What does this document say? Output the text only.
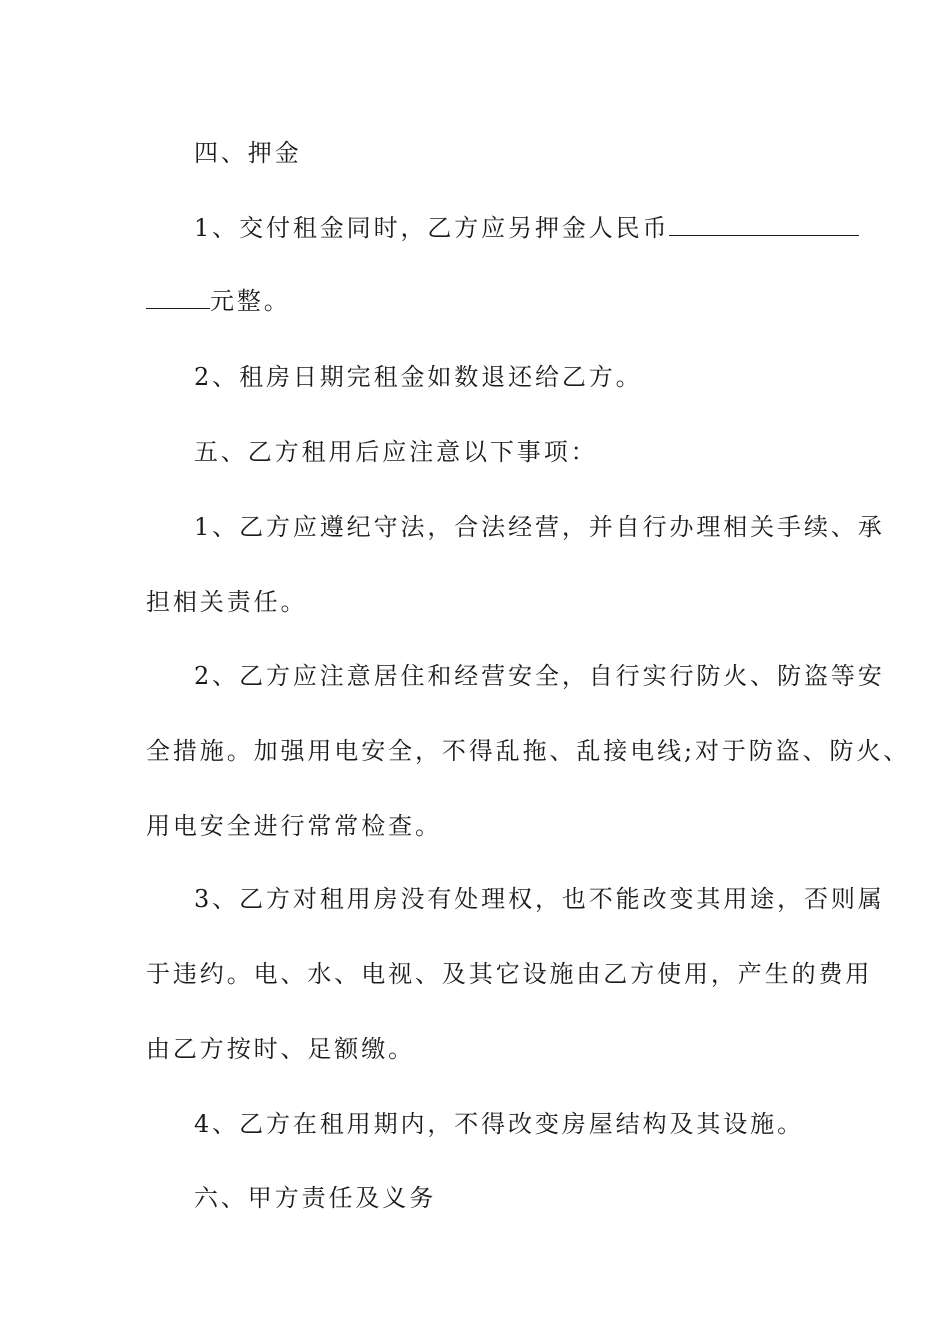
四、押金
1、交付租金同时，乙方应另押金人民币
元整。
2、租房日期完租金如数退还给乙方。
五、乙方租用后应注意以下事项：
1、乙方应遵纪守法，合法经营，并自行办理相关手续、承
担相关责任。
2、乙方应注意居住和经营安全，自行实行防火、防盗等安
全措施。加强用电安全，不得乱拖、乱接电线;对于防盗、防火、
用电安全进行常常检查。
3、乙方对租用房没有处理权，也不能改变其用途，否则属
于违约。电、水、电视、及其它设施由乙方使用，产生的费用
由乙方按时、足额缴。
4、乙方在租用期内，不得改变房屋结构及其设施。
六、甲方责任及义务
